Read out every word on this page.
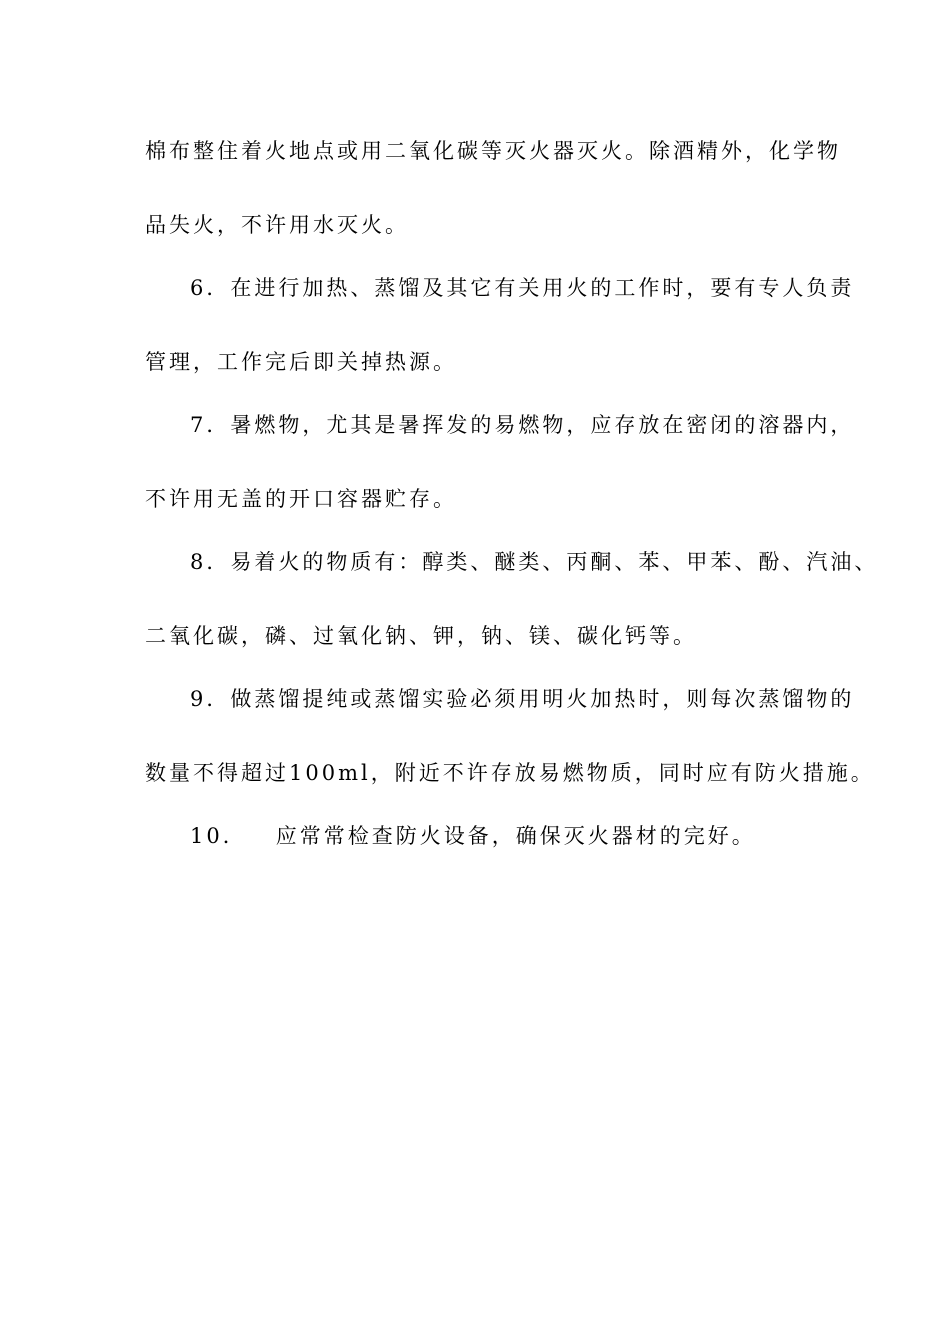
棉布整住着火地点或用二氧化碳等灭火器灭火。除酒精外，化学物
品失火，不许用水灭火。
6．在进行加热、蒸馏及其它有关用火的工作时，要有专人负责
管理，工作完后即关掉热源。
7．暑燃物，尤其是暑挥发的易燃物，应存放在密闭的溶器内，
不许用无盖的开口容器贮存。
8．易着火的物质有：醇类、醚类、丙酮、苯、甲苯、酚、汽油、
二氧化碳，磷、过氧化钠、钾，钠、镁、碳化钙等。
9．做蒸馏提纯或蒸馏实验必须用明火加热时，则每次蒸馏物的
数量不得超过100ml，附近不许存放易燃物质，同时应有防火措施。
10．   应常常检查防火设备，确保灭火器材的完好。
